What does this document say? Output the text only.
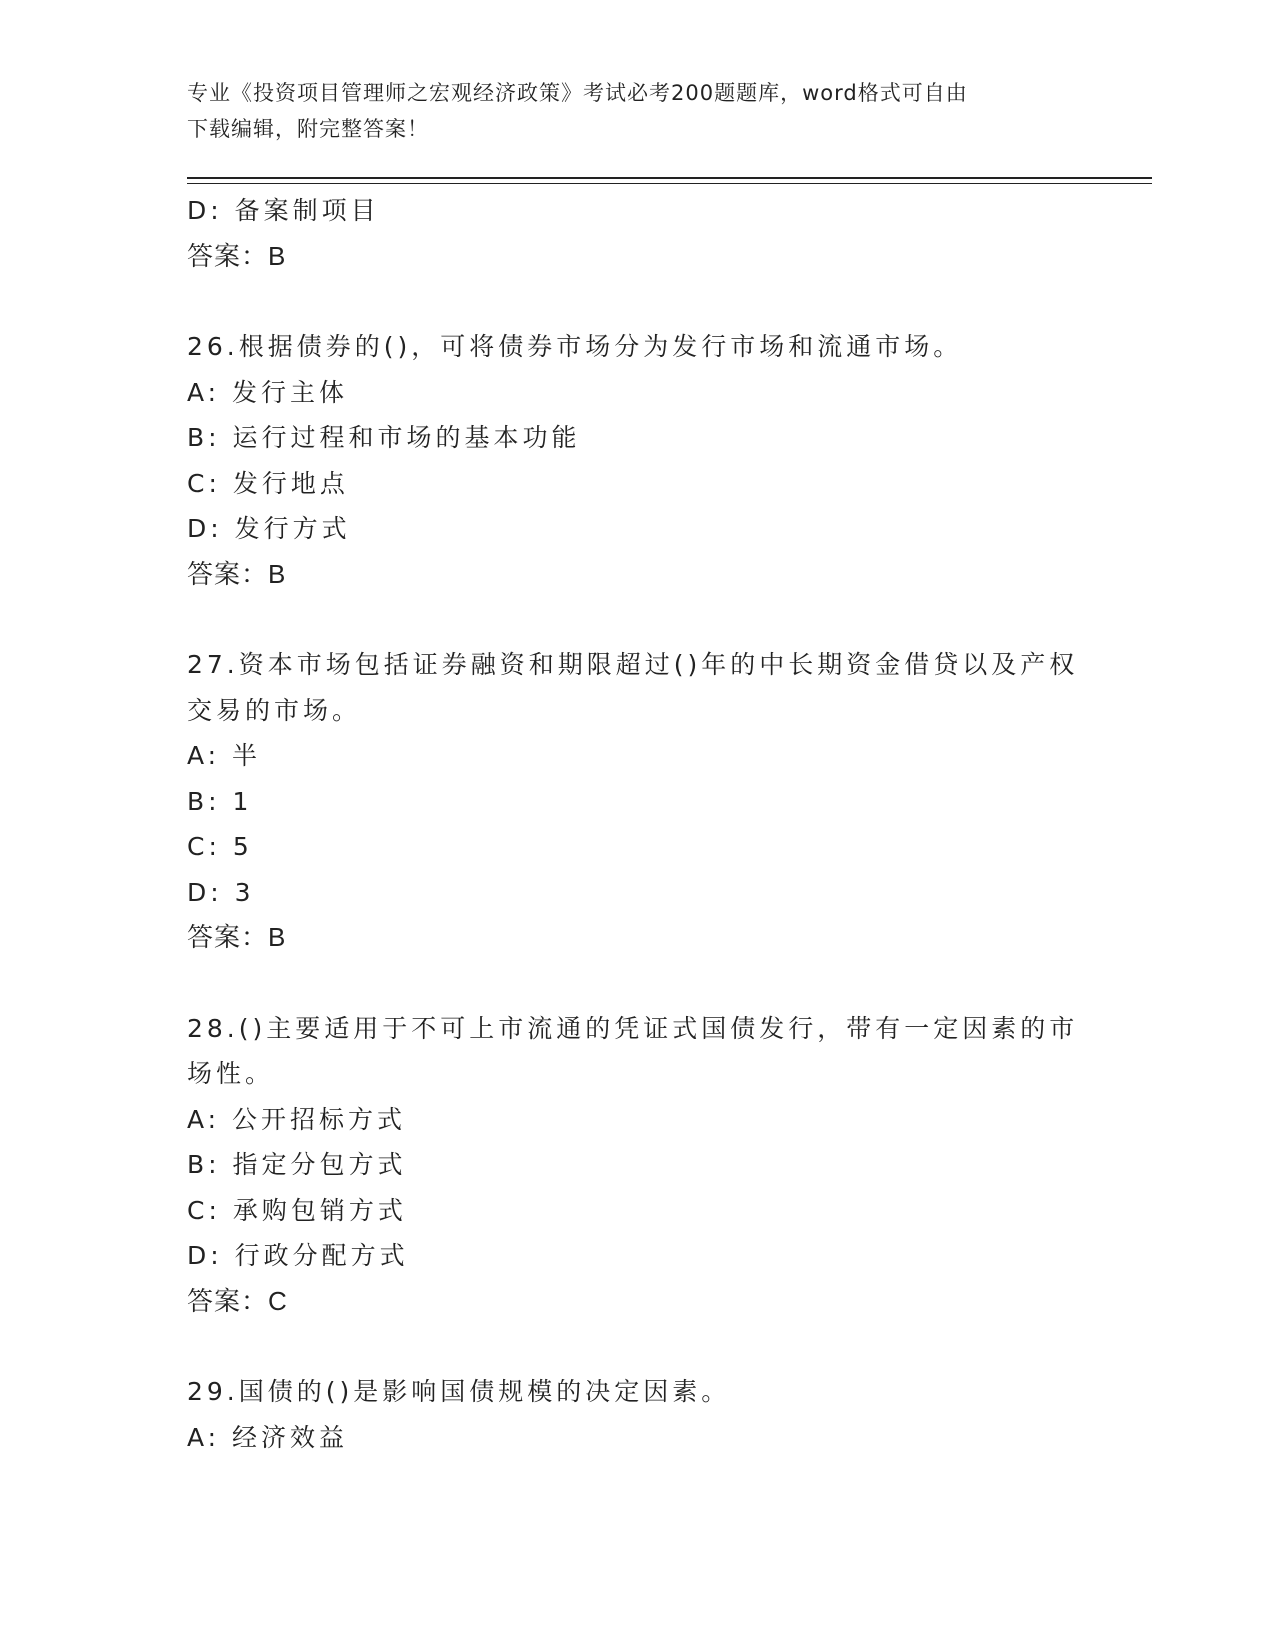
专业《投资项目管理师之宏观经济政策》考试必考200题题库，word格式可自由
下载编辑，附完整答案！

D: 备案制项目

答案：B

26.根据债券的()，可将债券市场分为发行市场和流通市场。

A: 发行主体

B: 运行过程和市场的基本功能

C: 发行地点

D: 发行方式

答案：B

27.资本市场包括证券融资和期限超过()年的中长期资金借贷以及产权

交易的市场。

A: 半

B: 1

C: 5

D: 3

答案：B

28.()主要适用于不可上市流通的凭证式国债发行，带有一定因素的市

场性。

A: 公开招标方式

B: 指定分包方式

C: 承购包销方式

D: 行政分配方式

答案：C

29.国债的()是影响国债规模的决定因素。

A: 经济效益
